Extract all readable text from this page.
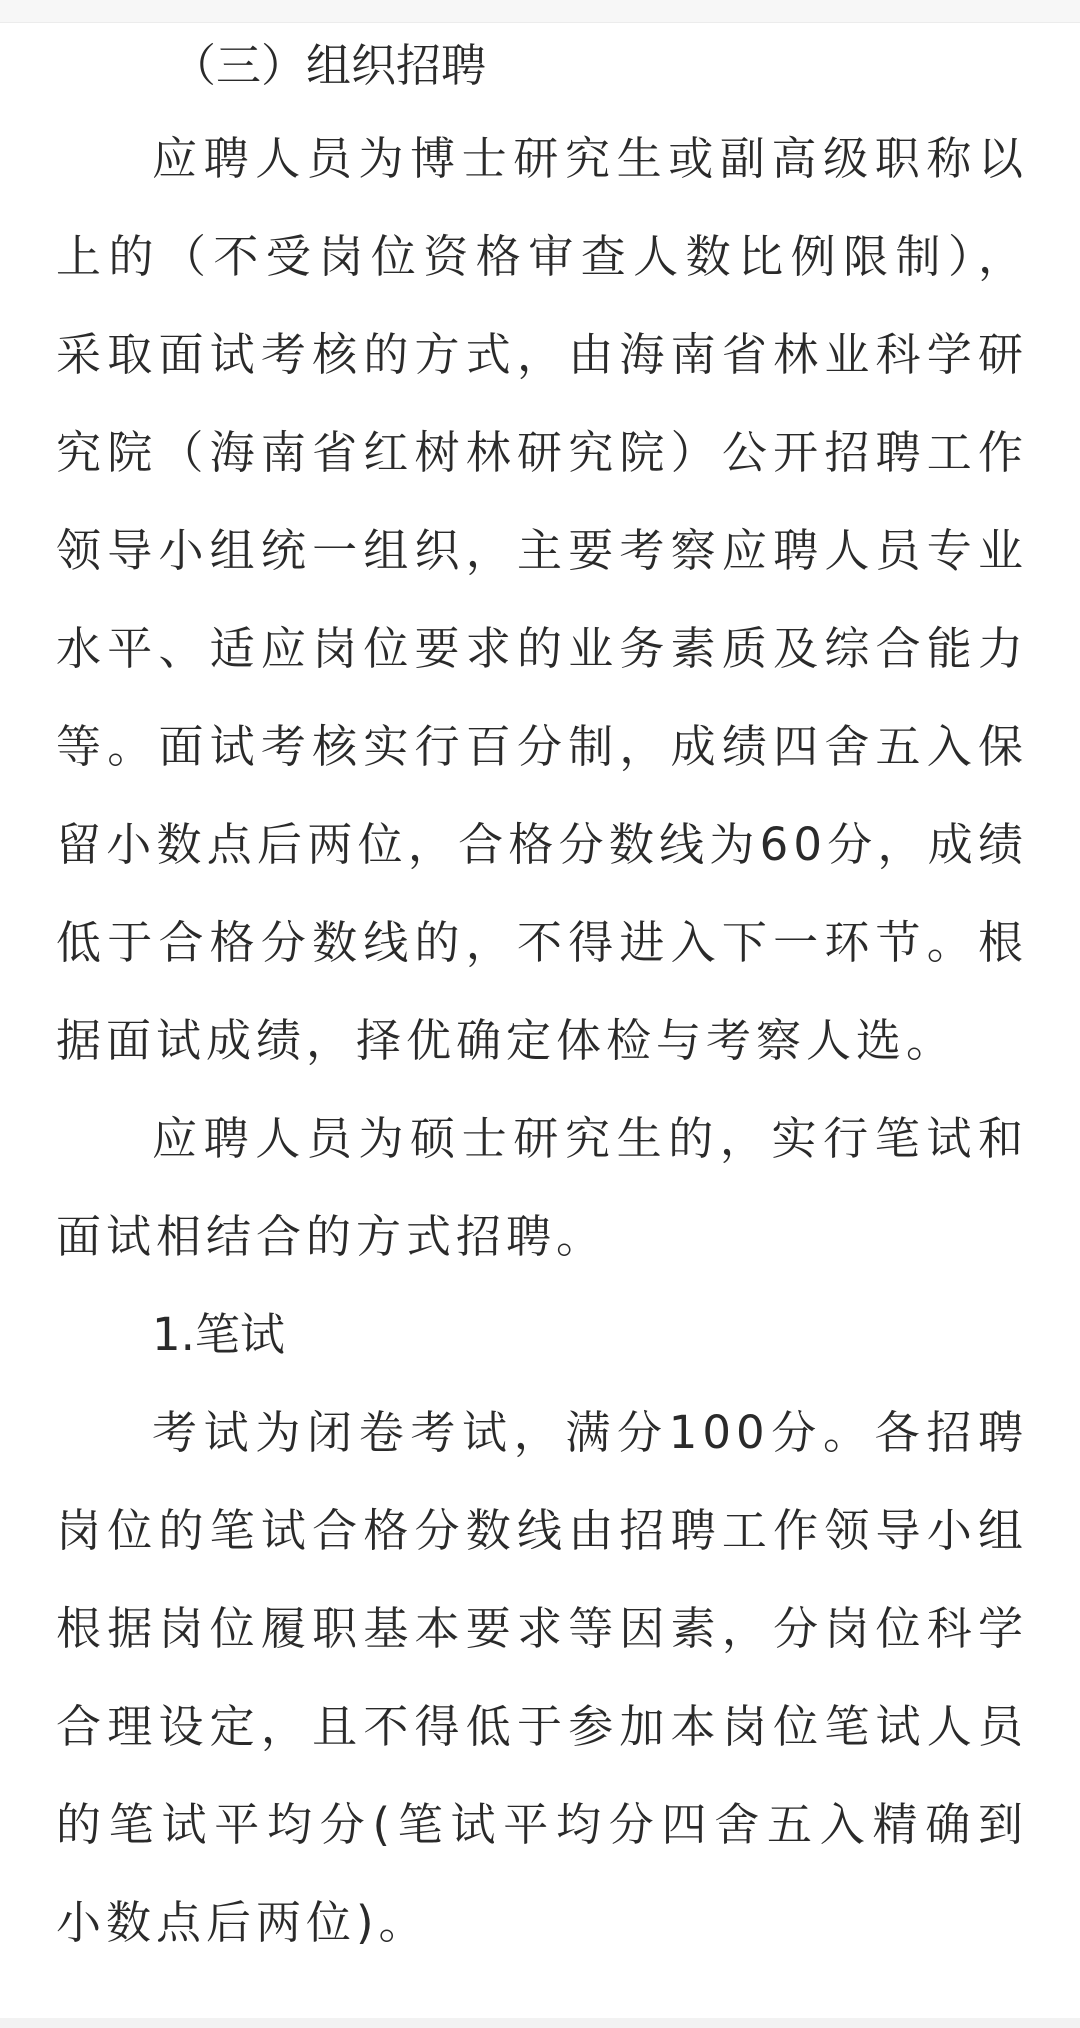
（三）组织招聘

应聘人员为博士研究生或副高级职称以上的（不受岗位资格审查人数比例限制），采取面试考核的方式，由海南省林业科学研究院（海南省红树林研究院）公开招聘工作领导小组统一组织，主要考察应聘人员专业水平、适应岗位要求的业务素质及综合能力等。面试考核实行百分制，成绩四舍五入保留小数点后两位，合格分数线为60分，成绩低于合格分数线的，不得进入下一环节。根据面试成绩，择优确定体检与考察人选。

应聘人员为硕士研究生的，实行笔试和面试相结合的方式招聘。

1.笔试

考试为闭卷考试，满分100分。各招聘岗位的笔试合格分数线由招聘工作领导小组根据岗位履职基本要求等因素，分岗位科学合理设定，且不得低于参加本岗位笔试人员的笔试平均分(笔试平均分四舍五入精确到小数点后两位)。
